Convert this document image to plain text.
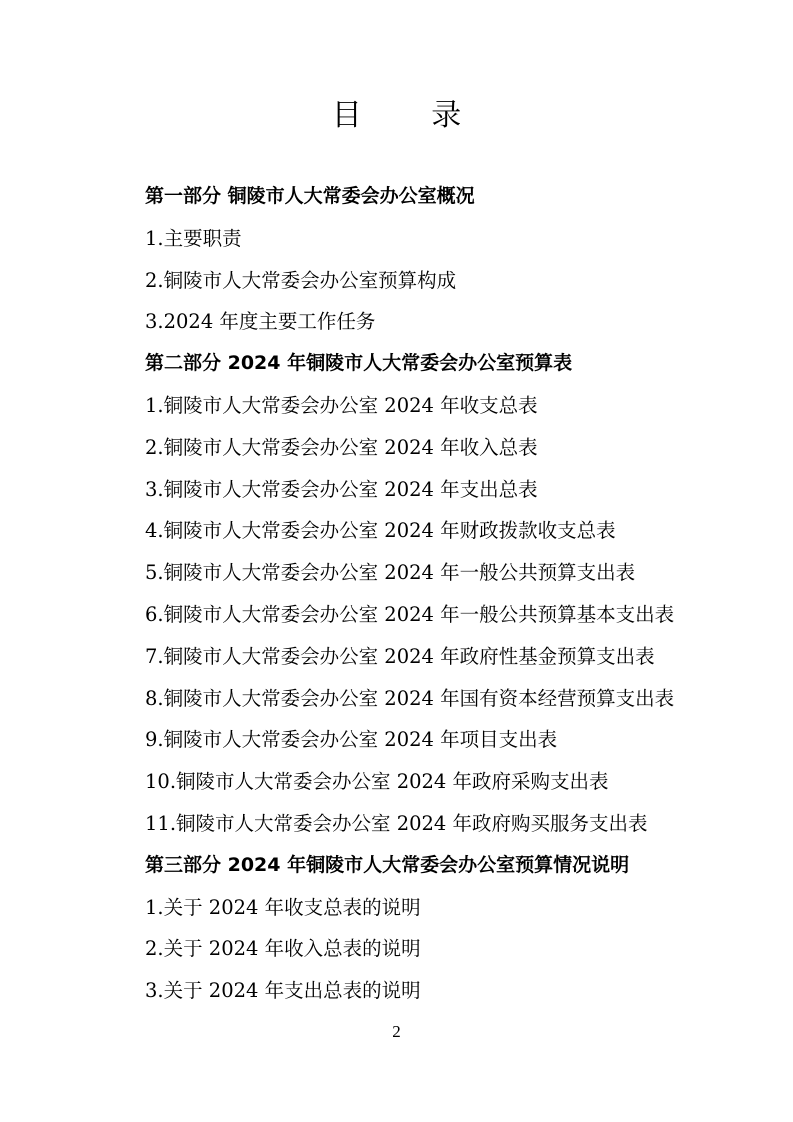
目 录
第一部分 铜陵市人大常委会办公室概况
1.主要职责
2.铜陵市人大常委会办公室预算构成
3.2024 年度主要工作任务
第二部分 2024 年铜陵市人大常委会办公室预算表
1.铜陵市人大常委会办公室 2024 年收支总表
2.铜陵市人大常委会办公室 2024 年收入总表
3.铜陵市人大常委会办公室 2024 年支出总表
4.铜陵市人大常委会办公室 2024 年财政拨款收支总表
5.铜陵市人大常委会办公室 2024 年一般公共预算支出表
6.铜陵市人大常委会办公室 2024 年一般公共预算基本支出表
7.铜陵市人大常委会办公室 2024 年政府性基金预算支出表
8.铜陵市人大常委会办公室 2024 年国有资本经营预算支出表
9.铜陵市人大常委会办公室 2024 年项目支出表
10.铜陵市人大常委会办公室 2024 年政府采购支出表
11.铜陵市人大常委会办公室 2024 年政府购买服务支出表
第三部分 2024 年铜陵市人大常委会办公室预算情况说明
1.关于 2024 年收支总表的说明
2.关于 2024 年收入总表的说明
3.关于 2024 年支出总表的说明
2
